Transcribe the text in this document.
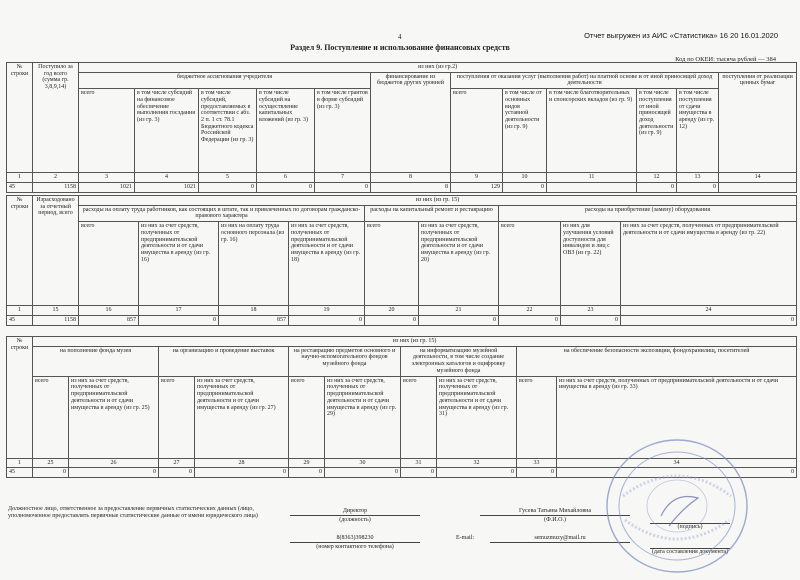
Отчет выгружен из АИС «Статистика» 16 20 16.01.2020
4
Раздел 9. Поступление и использование финансовых средств
Код по ОКЕИ: тысяча рублей — 384
№ строки	Поступило за год всего (сумма гр. 3,8,9,14)	из них (из гр.2)											
		бюджетное ассигнования учредителя					финансирование из бюджетов других уровней	поступления от оказания услуг (выполнения работ) на платной основе и от иной приносящей доход деятельности					поступления от реализации ценных бумаг
		всего	в том числе субсидий на финансовое обеспечение выполнения госздания (из гр. 3)	в том числе субсидий, предоставляемых в соответствии с абз. 2 п. 1 ст. 78.1 Бюджетного кодекса Российской Федерации (из гр. 3)	в том числе субсидий на осуществление капитальных вложений (из гр. 3)	в том числе грантов в форме субсидий (из гр. 3)		всего	в том числе от основных видов уставной деятельности (из гр. 9)	в том числе благотворительных и спонсорских вкладов (из гр. 9)	в том числе поступления от иной приносящей доход деятельности (из гр. 9)	в том числе поступления от сдачи имущества в аренду (из гр. 12)	
1	2	3	4	5	6	7	8	9	10	11	12	13	14
45	1158	1021	1021	0	0	0	8	129	0		0	0	
№ строки	Израсходовано за отчетный период, всего	из них (из гр. 15)								
		расходы на оплату труда работников, как состоящих в штате, так и привлеченных по договорам гражданско-правового характера				расходы на капитальный ремонт и реставрацию		расходы на приобретение (замену) оборудования		
		всего	из них за счет средств, полученных от предпринимательской деятельности и от сдачи имущества в аренду (из гр. 16)	из них на оплату труда основного персонала (из гр. 16)	из них за счет средств, полученных от предпринимательской деятельности и от сдачи имущества в аренду (из гр. 18)	всего	из них за счет средств, полученных от предпринимательской деятельности и от сдачи имущества в аренду (из гр. 20)	всего	из них для улучшения условий доступности для инвалидов и лиц с ОВЗ (из гр. 22)	из них за счет средств, полученных от предпринимательской деятельности и от сдачи имущества в аренду (из гр. 22)
1	15	16	17	18	19	20	21	22	23	24
45	1158	857	0	857	0	0	0	0	0	0
№ строки	из них (из гр. 15)									
	на пополнение фонда музея		на организацию и проведение выставок		на реставрацию предметов основного и научно-вспомогательного фондов музейного фонда		на информатизацию музейной деятельности, в том числе создание электронных каталогов и оцифровку музейного фонда		на обеспечение безопасности экспозиции, фондохранилищ, посетителей	
	всего	из них за счет средств, полученных от предпринимательской деятельности и от сдачи имущества в аренду (из гр. 25)	всего	из них за счет средств, полученных от предпринимательской деятельности и от сдачи имущества в аренду (из гр. 27)	всего	из них за счет средств, полученных от предпринимательской деятельности и от сдачи имущества в аренду (из гр. 29)	всего	из них за счет средств, полученных от предпринимательской деятельности и от сдачи имущества в аренду (из гр. 31)	всего	из них за счет средств, полученных от предпринимательской деятельности и от сдачи имущества в аренду (из гр. 33)
1	25	26	27	28	29	30	31	32	33	34
45	0	0	0	0	0	0	0	0	0	0
Должностное лицо, ответственное за предоставление первичных статистических данных (лицо, уполномоченное предоставлять первичные статистические данные от имени юридического лица)
Директор
(должность)
Гусева Татьяна Михайловна
(Ф.И.О.)
(подпись)
8(8363)398230
(номер контактного телефона)
E-mail:	semuzmuzy@mail.ru
(дата составления документа)
